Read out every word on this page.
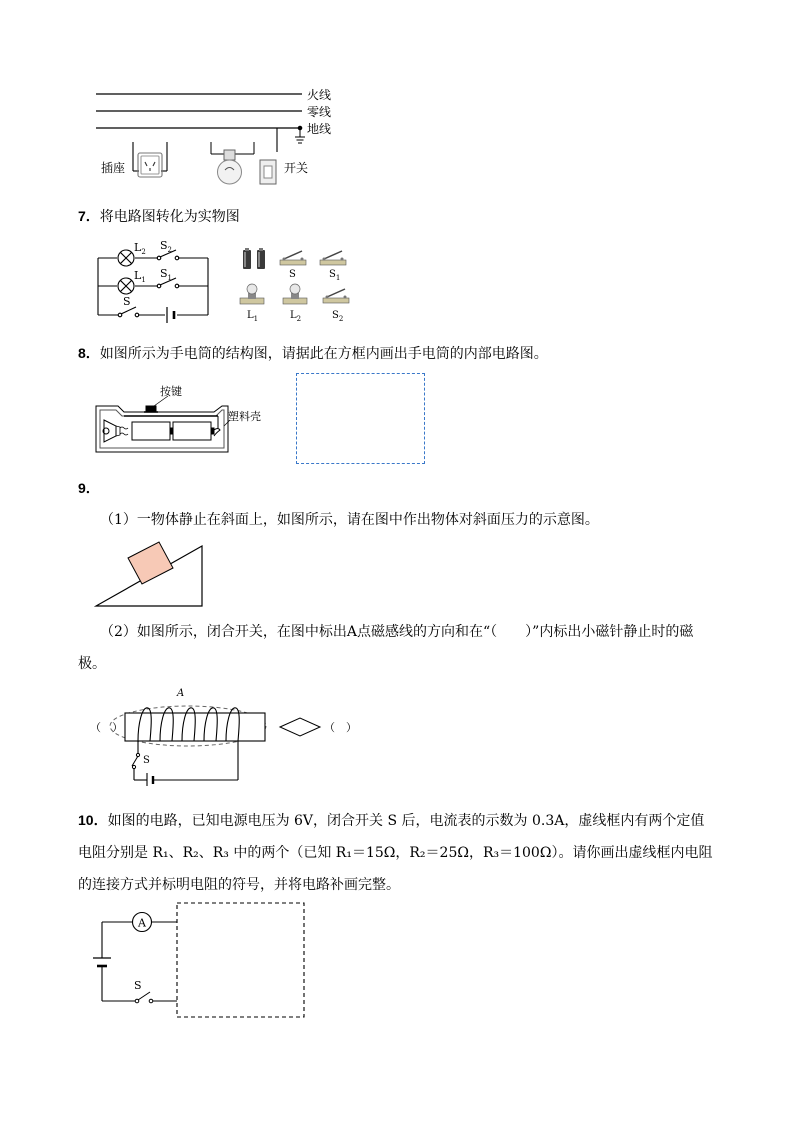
火线
零线
地线
插座	开关
7．将电路图转化为实物图
$L_2$ $S_2$
$L_1$ $S_1$
S
S	$S_1$
$L_1$	$L_2$	$S_2$
8．如图所示为手电筒的结构图，请据此在方框内画出手电筒的内部电路图。
按键
塑料壳
9．
（1）一物体静止在斜面上，如图所示，请在图中作出物体对斜面压力的示意图。
（2）如图所示，闭合开关，在图中标出A点磁感线的方向和在“（　　）”内标出小磁针静止时的磁极。
（　）
A
S
（　）
10．如图的电路，已知电源电压为 6V，闭合开关 S 后，电流表的示数为 0.3A，虚线框内有两个定值电阻分别是 R₁、R₂、R₃ 中的两个（已知 R₁＝15Ω，R₂＝25Ω，R₃＝100Ω）。请你画出虚线框内电阻的连接方式并标明电阻的符号，并将电路补画完整。
A
S
